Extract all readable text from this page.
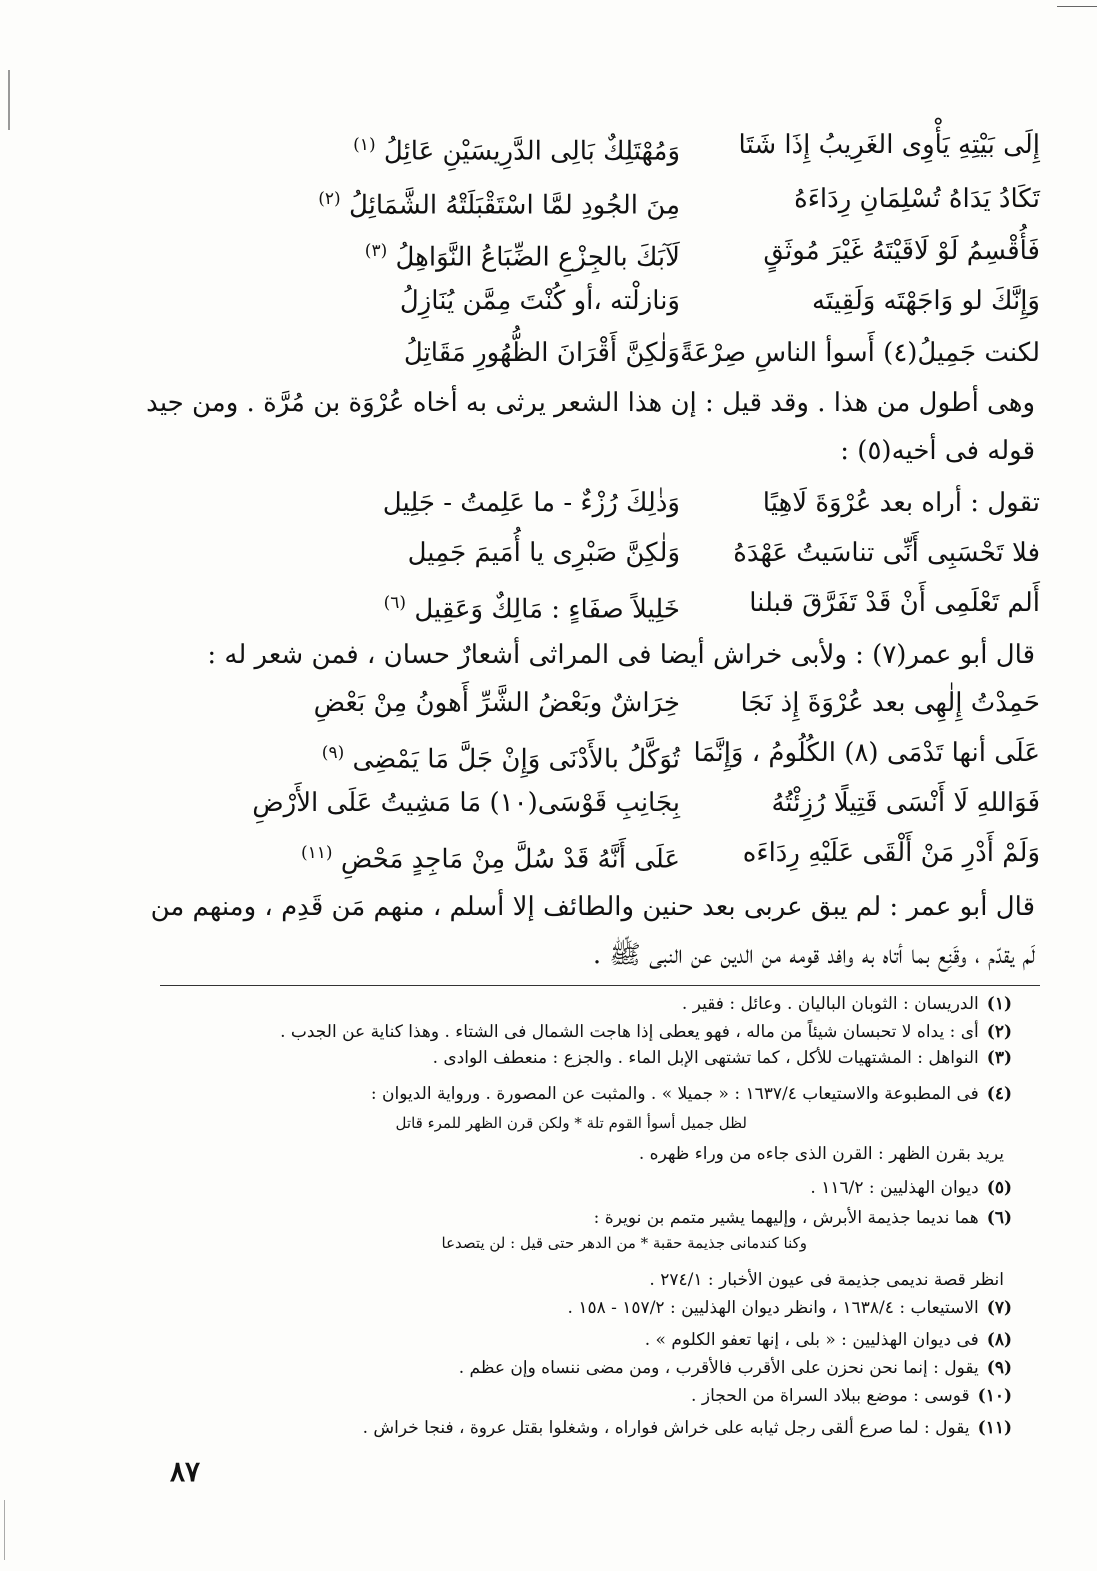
إِلَى بَيْتِهِ يَأْوِى الغَرِيبُ إِذَا شَتَا
وَمُهْتَلِكٌ بَالِى الدَّرِيسَيْنِ عَائِلُ $^{(١)}$
تَكَادُ يَدَاهُ تُسْلِمَانِ رِدَاءَهُ
مِنَ الجُودِ لمَّا اسْتَقْبَلَتْهُ الشَّمَائِلُ $^{(٢)}$
فَأُقْسِمُ لَوْ لَاقَيْتَهُ غَيْرَ مُوثَقٍ
لَآبَكَ بالجِزْعِ الضِّبَاعُ النَّوَاهِلُ $^{(٣)}$
وَإِنَّكَ لو وَاجَهْتَه وَلَقِيتَه
وَنازلْته ،أو كُنْتَ مِمَّن يُنَازِلُ
لكنت جَمِيلُ(٤) أَسوأ الناسِ صِرْعَةً
وَلٰكِنَّ أَقْرَانَ الظُّهُورِ مَقَاتِلُ
وهى أطول من هذا . وقد قيل : إن هذا الشعر يرثى به أخاه عُرْوَة بن مُرَّة . ومن جيد
قوله فى أخيه(٥) :
تقول : أراه بعد عُرْوَةَ لَاهِيًا
وَذٰلِكَ رُزْءٌ - ما عَلِمتُ - جَلِيل
فلا تَحْسَبِى أَنِّى تناسَيتُ عَهْدَهُ
وَلٰكِنَّ صَبْرِى يا أُمَيمَ جَمِيل
أَلم تَعْلَمِى أَنْ قَدْ تَفَرَّقَ قبلنا
خَلِيلاً صفَاءٍ : مَالِكٌ وَعَقِيل $^{(٦)}$
قال أبو عمر(٧) : ولأبى خراش أيضا فى المراثى أشعارٌ حسان ، فمن شعر له :
حَمِدْتُ إِلٰهِى بعد عُرْوَةَ إِذ نَجَا
خِرَاشٌ وبَعْضُ الشَّرِّ أَهونُ مِنْ بَعْضِ
عَلَى أنها تَدْمَى (٨) الكُلُومُ ، وَإِنَّمَا
تُوَكَّلُ بالأَدْنَى وَإِنْ جَلَّ مَا يَمْضِى $^{(٩)}$
فَوَاللهِ لَا أَنْسَى قَتِيلًا رُزِئْتُهُ
بِجَانِبِ قَوْسَى(١٠) مَا مَشِيتُ عَلَى الأَرْضِ
وَلَمْ أَدْرِ مَنْ أَلْقَى عَلَيْهِ رِدَاءَه
عَلَى أَنَّهُ قَدْ سُلَّ مِنْ مَاجِدٍ مَحْضِ $^{(١١)}$
قال أبو عمر : لم يبق عربى بعد حنين والطائف إلا أسلم ، منهم مَن قَدِم ، ومنهم من
لَم يقدّم ، وقَنِع بما أتاه به وافد قومه من الدين عن النبى ﷺ .
(١)الدريسان : الثوبان الباليان . وعائل : فقير .
(٢)أى : يداه لا تحبسان شيئاً من ماله ، فهو يعطى إذا هاجت الشمال فى الشتاء . وهذا كناية عن الجدب .
(٣)النواهل : المشتهيات للأكل ، كما تشتهى الإبل الماء . والجزع : منعطف الوادى .
(٤)فى المطبوعة والاستيعاب ١٦٣٧/٤ : « جميلا » . والمثبت عن المصورة . ورواية الديوان :
لظل جميل أسوأ القوم تلة * ولكن قرن الظهر للمرء قاتل
يريد بقرن الظهر : القرن الذى جاءه من وراء ظهره .
(٥)ديوان الهذليين : ١١٦/٢ .
(٦)هما نديما جذيمة الأبرش ، وإليهما يشير متمم بن نويرة :
وكنا كندمانى جذيمة حقبة * من الدهر حتى قيل : لن يتصدعا
انظر قصة نديمى جذيمة فى عيون الأخبار : ٢٧٤/١ .
(٧)الاستيعاب : ١٦٣٨/٤ ، وانظر ديوان الهذليين : ١٥٧/٢ - ١٥٨ .
(٨)فى ديوان الهذليين : « بلى ، إنها تعفو الكلوم » .
(٩)يقول : إنما نحن نحزن على الأقرب فالأقرب ، ومن مضى ننساه وإن عظم .
(١٠)قوسى : موضع ببلاد السراة من الحجاز .
(١١)يقول : لما صرع ألقى رجل ثيابه على خراش فواراه ، وشغلوا بقتل عروة ، فنجا خراش .
٨٧
